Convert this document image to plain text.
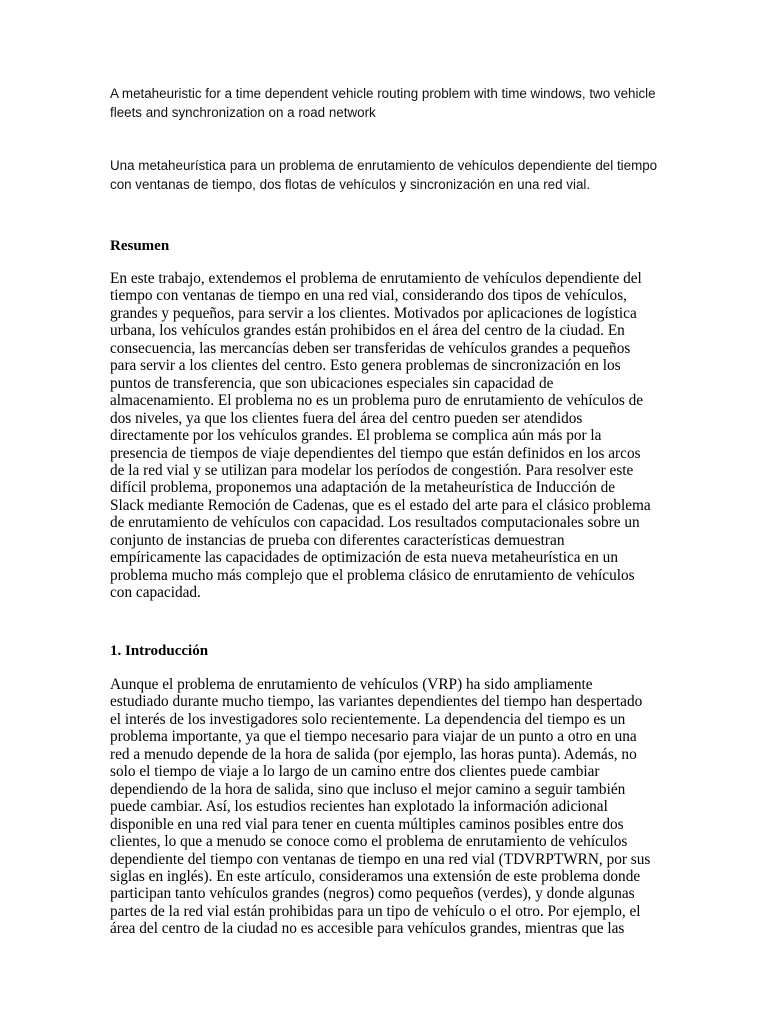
A metaheuristic for a time dependent vehicle routing problem with time windows, two vehicle fleets and synchronization on a road network

Una metaheurística para un problema de enrutamiento de vehículos dependiente del tiempo con ventanas de tiempo, dos flotas de vehículos y sincronización en una red vial.

Resumen
En este trabajo, extendemos el problema de enrutamiento de vehículos dependiente del
tiempo con ventanas de tiempo en una red vial, considerando dos tipos de vehículos,
grandes y pequeños, para servir a los clientes. Motivados por aplicaciones de logística
urbana, los vehículos grandes están prohibidos en el área del centro de la ciudad. En
consecuencia, las mercancías deben ser transferidas de vehículos grandes a pequeños
para servir a los clientes del centro. Esto genera problemas de sincronización en los
puntos de transferencia, que son ubicaciones especiales sin capacidad de
almacenamiento. El problema no es un problema puro de enrutamiento de vehículos de
dos niveles, ya que los clientes fuera del área del centro pueden ser atendidos
directamente por los vehículos grandes. El problema se complica aún más por la
presencia de tiempos de viaje dependientes del tiempo que están definidos en los arcos
de la red vial y se utilizan para modelar los períodos de congestión. Para resolver este
difícil problema, proponemos una adaptación de la metaheurística de Inducción de
Slack mediante Remoción de Cadenas, que es el estado del arte para el clásico problema
de enrutamiento de vehículos con capacidad. Los resultados computacionales sobre un
conjunto de instancias de prueba con diferentes características demuestran
empíricamente las capacidades de optimización de esta nueva metaheurística en un
problema mucho más complejo que el problema clásico de enrutamiento de vehículos
con capacidad.
1. Introducción
Aunque el problema de enrutamiento de vehículos (VRP) ha sido ampliamente
estudiado durante mucho tiempo, las variantes dependientes del tiempo han despertado
el interés de los investigadores solo recientemente. La dependencia del tiempo es un
problema importante, ya que el tiempo necesario para viajar de un punto a otro en una
red a menudo depende de la hora de salida (por ejemplo, las horas punta). Además, no
solo el tiempo de viaje a lo largo de un camino entre dos clientes puede cambiar
dependiendo de la hora de salida, sino que incluso el mejor camino a seguir también
puede cambiar. Así, los estudios recientes han explotado la información adicional
disponible en una red vial para tener en cuenta múltiples caminos posibles entre dos
clientes, lo que a menudo se conoce como el problema de enrutamiento de vehículos
dependiente del tiempo con ventanas de tiempo en una red vial (TDVRPTWRN, por sus
siglas en inglés). En este artículo, consideramos una extensión de este problema donde
participan tanto vehículos grandes (negros) como pequeños (verdes), y donde algunas
partes de la red vial están prohibidas para un tipo de vehículo o el otro. Por ejemplo, el
área del centro de la ciudad no es accesible para vehículos grandes, mientras que las
